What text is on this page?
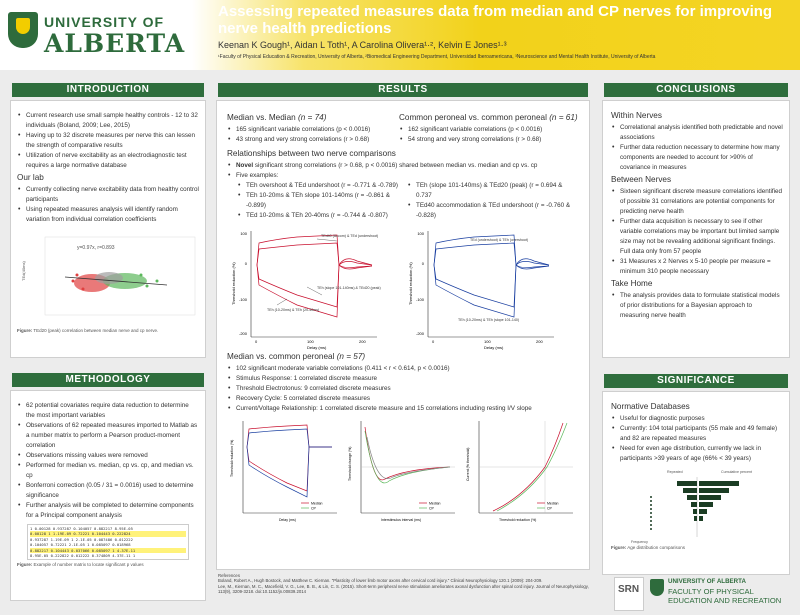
UNIVERSITY OF
ALBERTA
Assessing repeated measures data from median and CP nerves for improving nerve health predictions
Keenan K Gough¹, Aidan L Toth¹, A Carolina Olivera¹·², Kelvin E Jones¹·³
¹Faculty of Physical Education & Recreation, University of Alberta, ²Biomedical Engineering Department, Universidad Iberoamericana, ³Neuroscience and Mental Health Institute, University of Alberta
INTRODUCTION
• Current research use small sample healthy controls - 12 to 32 individuals (Boland, 2009; Lee, 2015)
• Having up to 32 discrete measures per nerve this can lessen the strength of comparative results
• Utilization of nerve excitability as an electrodiagnostic test requires a large normative database
Our lab
• Currently collecting nerve excitability data from healthy control participants
• Using repeated measures analysis will identify random variation from individual correlation coefficients
y=0.97x, r=0.893
TEd(40ms)
Figure: TEd20 (peak) correlation between median nerve and cp nerve.
METHODOLOGY
• 62 potential covariates require data reduction to determine the most important variables
• Observations of 62 repeated measures imported to Matlab as a number matrix to perform a Pearson product-moment correlation
• Observations missing values were removed
• Performed for median vs. median, cp vs. cp, and median vs. cp
• Bonferroni correction (0.05 / 31 = 0.0016) used to determine significance
• Further analysis will be completed to determine components for a Principal component analysis
1 0.00128 0.937287 0.104057 0.882217 8.95E-05
0.00128 1 1.19E-09 0.72221 0.104443 0.222824
0.937287 1.19E-09 1 2.1E-05 0.087486 0.012222
0.104057 0.72221 2.1E-05 1 0.085097 0.018968
0.882217 0.104443 0.037066 0.085097 1 4.37E-11
8.95E-05 0.222822 0.012222 0.374809 4.37E-11 1
Figure: Example of number matrix to locate significant p values
RESULTS
Median vs. Median (n = 74)
• 165 significant variable correlations (p < 0.0016)
• 43 strong and very strong correlations (r > 0.68)
Common peroneal vs. common peroneal (n = 61)
• 162 significant variable correlations (p < 0.0016)
• 54 strong and very strong correlations (r > 0.68)
Relationships between two nerve comparisons
• Novel significant strong correlations (r > 0.68, p < 0.0016) shared between median vs. median and cp vs. cp
• Five examples:
• TEh overshoot & TEd undershoot (r = -0.771 & -0.789)
• TEh 10-20ms & TEh slope 101-140ms (r = -0.861 & -0.899)
• TEd 10-20ms & TEh 20-40ms (r = -0.744 & -0.807)
• TEh (slope 101-140ms) & TEd20 (peak) (r = 0.694 & 0.737
• TEd40 accommodation & TEd undershoot (r = -0.760 & -0.828)
100
0
-100
-200
0	100	200
Delay (ms)
Threshold reduction (%)
TEd40 (Accom) & TEd (undershoot)
TEh (slope 101-140ms) & TEd20 (peak)
TEh (10-20ms) & TEh (20-40ms)
100
0
-100
-200
0	100	200
Delay (ms)
Threshold reduction (%)
TEd (undershoot) & TEh (overshoot)
TEh (10-20ms) & TEh (slope 101-140)
Median vs. common peroneal (n = 57)
• 102 significant moderate variable correlations (0.411 < r < 0.614, p < 0.0016)
• Stimulus Response: 1 correlated discrete measure
• Threshold Electrotonus: 9 correlated discrete measures
• Recovery Cycle: 5 correlated discrete measures
• Current/Voltage Relationship: 1 correlated discrete measure and 15 correlations including resting I/V slope
Threshold reduction (%)
Delay (ms)
Median
CP
Threshold change (%)
Interstimulus interval (ms)
Median
CP
Current (% threshold)
Threshold reduction (%)
Median
CP
References
Boland, Robert A., Hugh Bostock, and Matthew C. Kiernan. "Plasticity of lower limb motor axons after cervical cord injury." Clinical Neurophysiology 120.1 (2009): 204-209.
Lee, M., Kiernan, M. C., Macefield, V. G., Lee, B. B., & Lin, C. S. (2015). Short-term peripheral nerve stimulation ameliorates axonal dysfunction after spinal cord injury. Journal of Neurophysiology, 113(9), 3209-3218. doi:10.1152/jn.00839.2014
CONCLUSIONS
Within Nerves
• Correlational analysis identified both predictable and novel associations
• Further data reduction necessary to determine how many components are needed to account for >90% of covariance in measures
Between Nerves
• Sixteen significant discrete measure correlations identified of possible 31 correlations are potential components for predicting nerve health
• Further data acquisition is necessary to see if other variable correlations may be important but limited sample size may not be revealing additional significant findings. Full data only from 57 people
• 31 Measures x 2 Nerves x 5-10 people per measure = minimum 310 people necessary
Take Home
• The analysis provides data to formulate statistical models of prior distributions for a Bayesian approach to measuring nerve health
SIGNIFICANCE
Normative Databases
• Useful for diagnostic purposes
• Currently: 104 total participants (55 male and 49 female) and 82 are repeated measures
• Need for even age distribution, currently we lack in participants >39 years of age (66% < 39 years)
Repeated	Cumulative percent
Frequency
Figure: Age distribution comparisons
SRN
UNIVERSITY OF ALBERTA
FACULTY OF PHYSICAL
EDUCATION AND RECREATION
